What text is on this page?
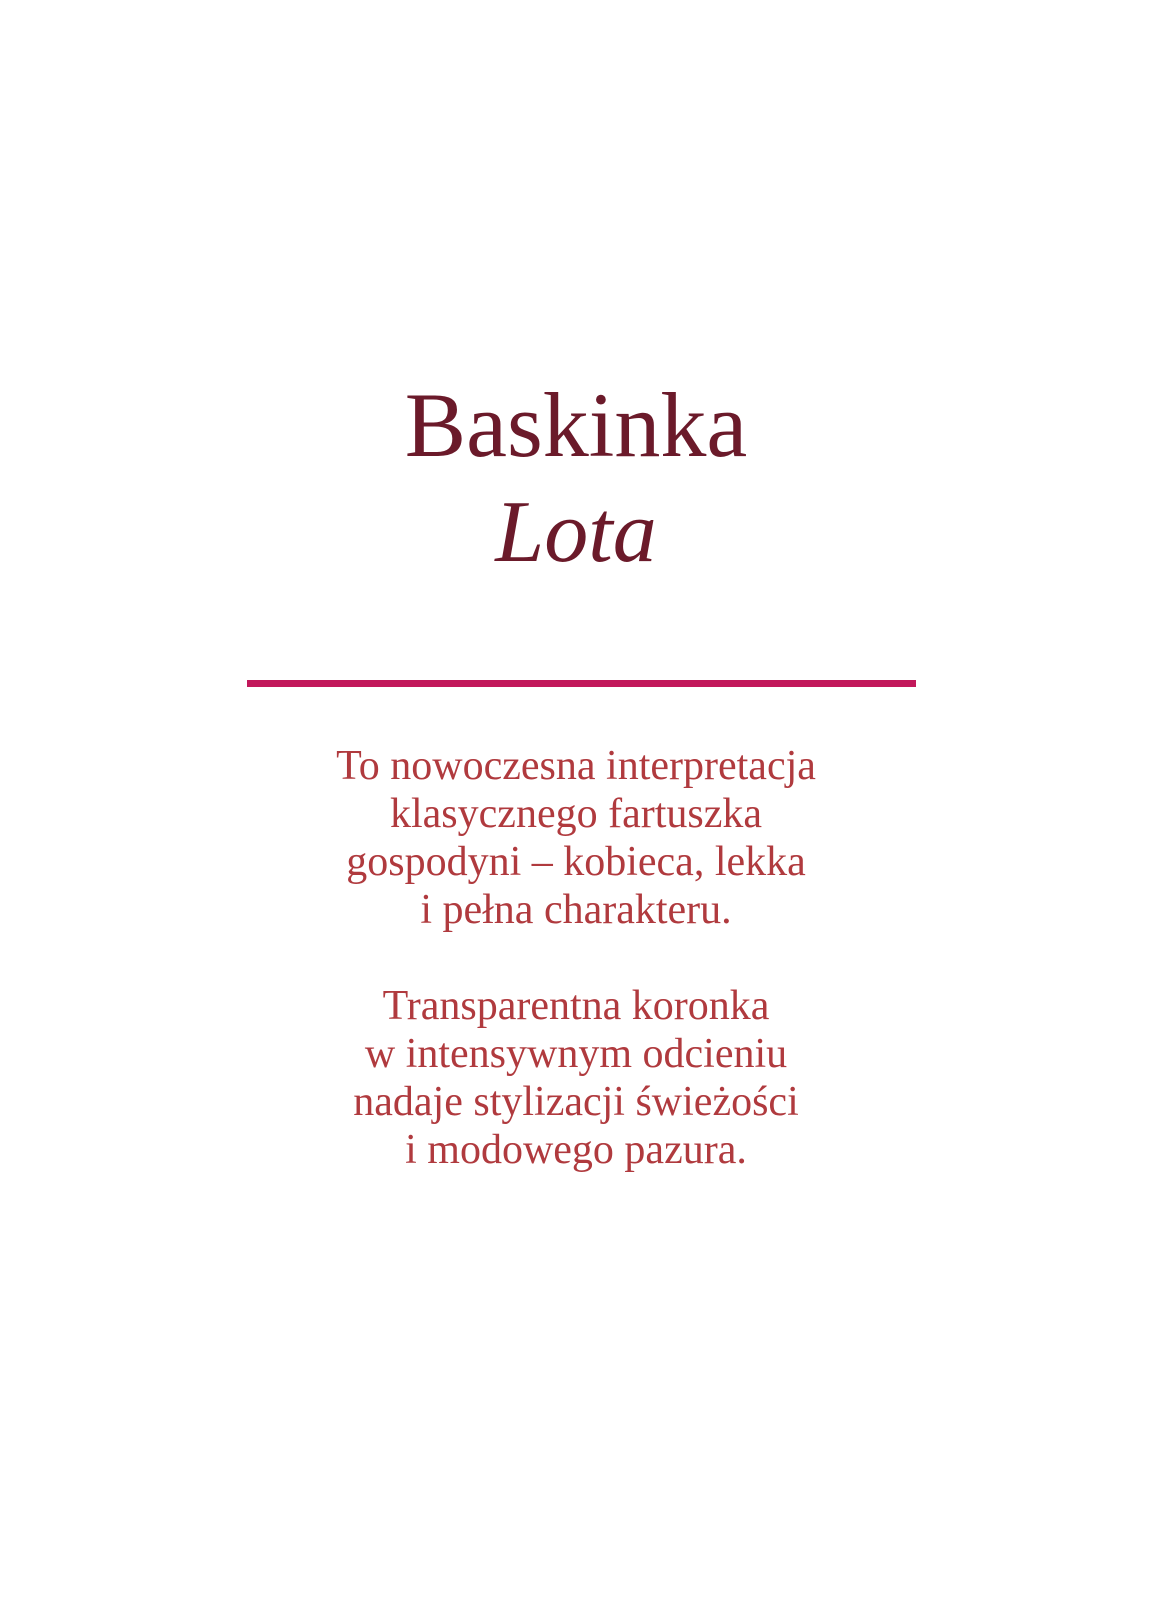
Baskinka
Lota

To nowoczesna interpretacja
klasycznego fartuszka
gospodyni – kobieca, lekka
i pełna charakteru.

Transparentna koronka
w intensywnym odcieniu
nadaje stylizacji świeżości
i modowego pazura.
